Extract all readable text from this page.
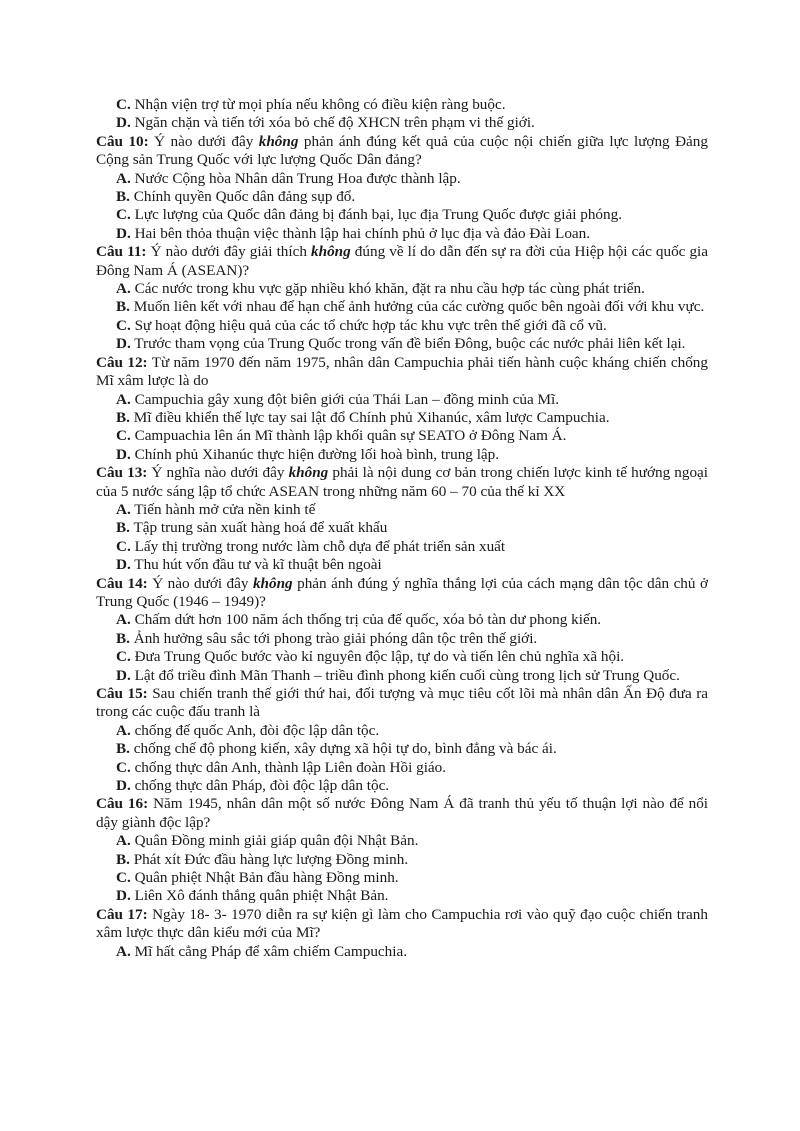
C. Nhận viện trợ từ mọi phía nếu không có điều kiện ràng buộc.
D. Ngăn chặn và tiến tới xóa bỏ chế độ XHCN trên phạm vi thế giới.
Câu 10: Ý nào dưới đây không phản ánh đúng kết quả của cuộc nội chiến giữa lực lượng Đảng Cộng sản Trung Quốc với lực lượng Quốc Dân đảng?
A. Nước Cộng hòa Nhân dân Trung Hoa được thành lập.
B. Chính quyền Quốc dân đảng sụp đổ.
C. Lực lượng của Quốc dân đảng bị đánh bại, lục địa Trung Quốc được giải phóng.
D. Hai bên thỏa thuận việc thành lập hai chính phủ ở lục địa và đảo Đài Loan.
Câu 11: Ý nào dưới đây giải thích không đúng về lí do dẫn đến sự ra đời của Hiệp hội các quốc gia Đông Nam Á (ASEAN)?
A. Các nước trong khu vực gặp nhiều khó khăn, đặt ra nhu cầu hợp tác cùng phát triển.
B. Muốn liên kết với nhau để hạn chế ảnh hưởng của các cường quốc bên ngoài đối với khu vực.
C. Sự hoạt động hiệu quả của các tổ chức hợp tác khu vực trên thế giới đã cổ vũ.
D. Trước tham vọng của Trung Quốc trong vấn đề biển Đông, buộc các nước phải liên kết lại.
Câu 12: Từ năm 1970 đến năm 1975, nhân dân Campuchia phải tiến hành cuộc kháng chiến chống Mĩ xâm lược là do
A. Campuchia gây xung đột biên giới của Thái Lan – đồng minh của Mĩ.
B. Mĩ điều khiển thế lực tay sai lật đổ Chính phủ Xihanúc, xâm lược Campuchia.
C. Campuachia lên án Mĩ thành lập khối quân sự SEATO ở Đông Nam Á.
D. Chính phủ Xihanúc thực hiện đường lối hoà bình, trung lập.
Câu 13: Ý nghĩa nào dưới đây không phải là nội dung cơ bản trong chiến lược kinh tế hướng ngoại của 5 nước sáng lập tổ chức ASEAN trong những năm 60 – 70 của thế kỉ XX
A. Tiến hành mở cửa nền kinh tế
B. Tập trung sản xuất hàng hoá để xuất khẩu
C. Lấy thị trường trong nước làm chỗ dựa để phát triển sản xuất
D. Thu hút vốn đầu tư và kĩ thuật bên ngoài
Câu 14: Ý nào dưới đây không phản ánh đúng ý nghĩa thắng lợi của cách mạng dân tộc dân chủ ở Trung Quốc (1946 – 1949)?
A. Chấm dứt hơn 100 năm ách thống trị của đế quốc, xóa bỏ tàn dư phong kiến.
B. Ảnh hưởng sâu sắc tới phong trào giải phóng dân tộc trên thế giới.
C. Đưa Trung Quốc bước vào kỉ nguyên độc lập, tự do và tiến lên chủ nghĩa xã hội.
D. Lật đổ triều đình Mãn Thanh – triều đình phong kiến cuối cùng trong lịch sử Trung Quốc.
Câu 15: Sau chiến tranh thế giới thứ hai, đối tượng và mục tiêu cốt lõi mà nhân dân Ấn Độ đưa ra trong các cuộc đấu tranh là
A. chống đế quốc Anh, đòi độc lập dân tộc.
B. chống chế độ phong kiến, xây dựng xã hội tự do, bình đẳng và bác ái.
C. chống thực dân Anh, thành lập Liên đoàn Hồi giáo.
D. chống thực dân Pháp, đòi độc lập dân tộc.
Câu 16: Năm 1945, nhân dân một số nước Đông Nam Á đã tranh thủ yếu tố thuận lợi nào để nổi dậy giành độc lập?
A. Quân Đồng minh giải giáp quân đội Nhật Bản.
B. Phát xít Đức đầu hàng lực lượng Đồng minh.
C. Quân phiệt Nhật Bản đầu hàng Đồng minh.
D. Liên Xô đánh thắng quân phiệt Nhật Bản.
Câu 17: Ngày 18- 3- 1970 diễn ra sự kiện gì làm cho Campuchia rơi vào quỹ đạo cuộc chiến tranh xâm lược thực dân kiểu mới của Mĩ?
A. Mĩ hất cẳng Pháp để xâm chiếm Campuchia.
